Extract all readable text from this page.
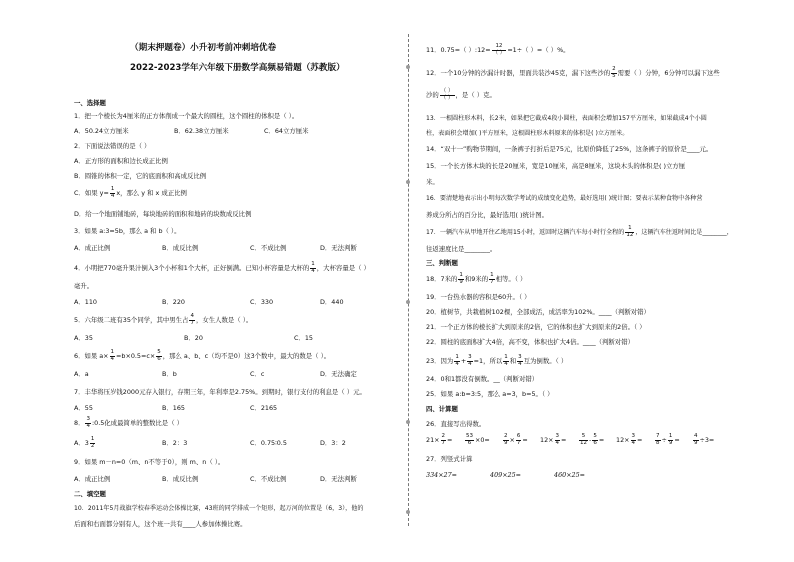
（期末押题卷）小升初考前冲刺培优卷
2022-2023学年六年级下册数学高频易错题（苏教版）
一、选择题
1．把一个棱长为4厘米的正方体削成一个最大的圆柱，这个圆柱的体积是（ ）。
A．50.24立方厘米	B．62.38立方厘米	C．64立方厘米
2．下面说法错误的是（ ）
A．正方形的面积和边长成正比例
B．圆锥的体积一定，它的底面积和高成反比例
C．如果 $y= \frac{1}{4}$ x，那么 y 和 x 成正比例
D．给一个地面铺地砖，每块地砖的面积和地砖的块数成反比例
3．如果 a:3=5b，那么 a 和 b（ ）。
A．成正比例	B．成反比例	C．不成比例	D．无法判断
4．小明把770毫升果汁倒入3个小杯和1个大杯，正好倒满。已知小杯容量是大杯的 $\frac{1}{4}$ ，大杯容量是（ ）
毫升。
A．110	B．220	C．330	D．440
5．六年级二班有35个同学，其中男生占 $\frac{4}{7}$ ，女生人数是（ ）。
A．35	B．20	C．15
6．如果 $a\times \frac{1}{4} =b\times 0.5=c\times \frac{5}{6}$ ，那么 a、b、c（均不是0）这3个数中，最大的数是（ ）。
A．a	B．b	C．c	D．无法确定
7．丰华将压岁钱2000元存入银行，存期三年，年利率是2.75%。到期时，银行支付的利息是（ ）元。
A．55	B．165	C．2165
8． $\frac{3}{4}$ :0.5化成最简单的整数比是（ ）
A．$3 \frac{1}{2}$	B．2：3	C．0.75∶0.5	D．3：2
9．如果 m－n=0（m、n不等于0），则 m、n（ ）。
A．成正比例	B．成反比例	C．不成比例	D．无法判断
二、填空题
10．2011年5月战旗学校春季运动会体操比赛，43班的同学排成一个矩形，起万河的位置是（6，3），他的
后面和右面都分别有人，这个班一共有____人参加体操比赛。
11．0.75=（ ）:12= $\frac{12}{( )} =1\div$（ ）=（ ）%。
12．一个10分钟的沙漏计时器，里面共装沙45克，漏下这些沙的 $\frac{2}{5}$ 需要（ ）分钟，6分钟可以漏下这些
沙的 $\frac{( )}{( )}$ ，是（ ）克。
13．一根圆柱形木料，长2米，如果把它截成4段小圆柱，表面积会增加157平方厘米，如果截成4个小圆
柱，表面积会增加( )平方厘米，这根圆柱形木料原来的体积是( )立方厘米。
14．“双十一”购物节期间，一条裤子打折后是75元，比原价降低了25%，这条裤子的原价是____元。
15．一个长方体木块的长是20厘米，宽是10厘米，高是8厘米，这块木头的体积是( )立方厘
米。
16．要清楚地表示出小明每次数学考试的成绩变化趋势，最好选用( )统计图；要表示某种食物中各种营
养成分所占的百分比，最好选用( )统计图。
17．一辆汽车从甲地开往乙地用15小时，返回时这辆汽车每小时行全程的 $\frac{1}{12}$ ，这辆汽车往返时间比是________，
往返速度比是________。
三、判断题
18．7米的 $\frac{1}{9}$ 和9米的 $\frac{1}{7}$ 相等。（ ）
19．一台热水器的容积是60升。（ ）
20．植树节，共栽植树102棵，全部成活，成活率为102%。____（判断对错）
21．一个正方体的棱长扩大到原来的2倍，它的体积也扩大到原来的2倍。（ ）
22．圆柱的底面积扩大4倍，高不变，体积也扩大4倍。____（判断对错）
23．因为 $\frac{1}{4} + \frac{3}{4} =1$，所以 $\frac{1}{4}$ 和 $\frac{3}{4}$ 互为倒数。（ ）
24．0和1都没有倒数。__（判断对错）
25．如果 a:b=3:5，那么 a=3，b=5。（ ）
四、计算题
26．直接写出得数。
$21\times \frac{2}{7} = \frac{53}{6} \times 0= \frac{2}{9} \times \frac{6}{7} = 12\times \frac{3}{4} = \frac{5}{12} - \frac{5}{6} = 12\times \frac{3}{4} = \frac{7}{8} \div \frac{1}{9} = \frac{4}{9} \div 3=$
27．列竖式计算
334×27=	409×25=	460×25=
